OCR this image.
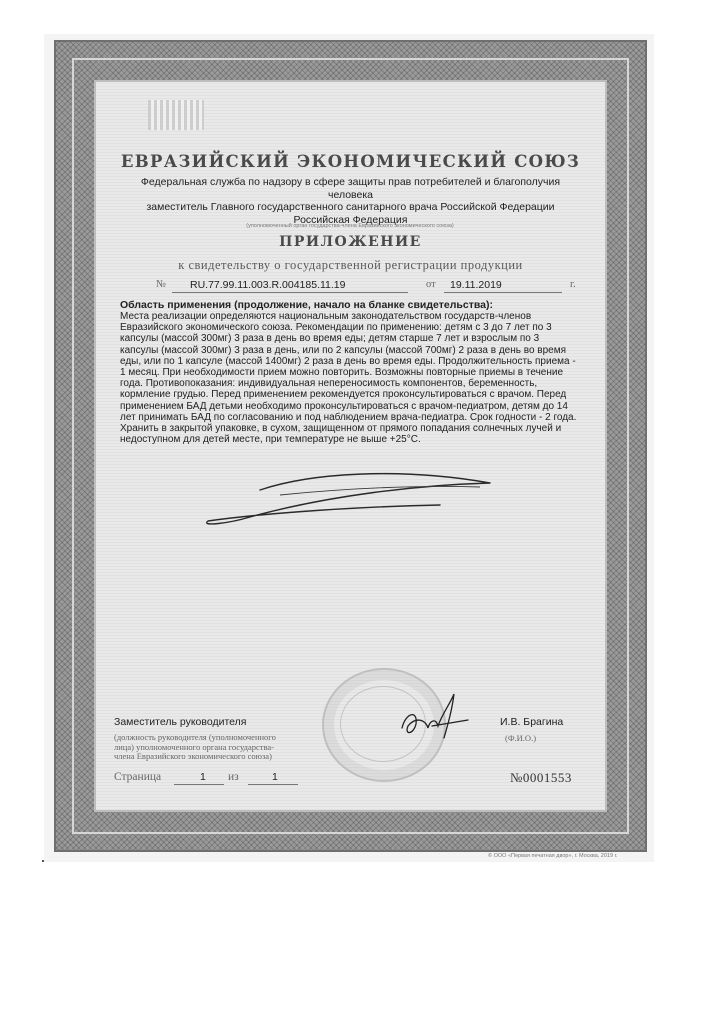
ЕВРАЗИЙСКИЙ ЭКОНОМИЧЕСКИЙ СОЮЗ
Федеральная служба по надзору в сфере защиты прав потребителей и благополучия человека
заместитель Главного государственного санитарного врача Российской Федерации
Российская Федерация
(уполномоченный орган государства-члена Евразийского экономического союза)
ПРИЛОЖЕНИЕ
к свидетельству о государственной регистрации продукции
№ RU.77.99.11.003.R.004185.11.19	от 19.11.2019	г.
Область применения (продолжение, начало на бланке свидетельства):
Места реализации определяются национальным законодательством государств-членов
Евразийского экономического союза. Рекомендации по применению: детям с 3 до 7 лет по 3
капсулы (массой 300мг) 3 раза в день во время еды; детям старше 7 лет и взрослым по 3
капсулы (массой 300мг) 3 раза в день, или по 2 капсулы (массой 700мг) 2 раза в день во время
еды, или по 1 капсуле (массой 1400мг) 2 раза в день во время еды. Продолжительность приема -
1 месяц. При необходимости прием можно повторить. Возможны повторные приемы в течение
года. Противопоказания: индивидуальная непереносимость компонентов, беременность,
кормление грудью. Перед применением рекомендуется проконсультироваться с врачом. Перед
применением БАД детьми необходимо проконсультироваться с врачом-педиатром, детям до 14
лет принимать БАД по согласованию и под наблюдением врача-педиатра. Срок годности - 2 года.
Хранить в закрытой упаковке, в сухом, защищенном от прямого попадания солнечных лучей и
недоступном для детей месте, при температуре не выше +25°С.
Заместитель руководителя	И.В. Брагина
(должность руководителя (уполномоченного
лица) уполномоченного органа государства-
члена Евразийского экономического союза)
(Ф.И.О.)
Страница	1 из	1	№0001553
© ООО «Первая печатная двор», г. Москва, 2019 г.
